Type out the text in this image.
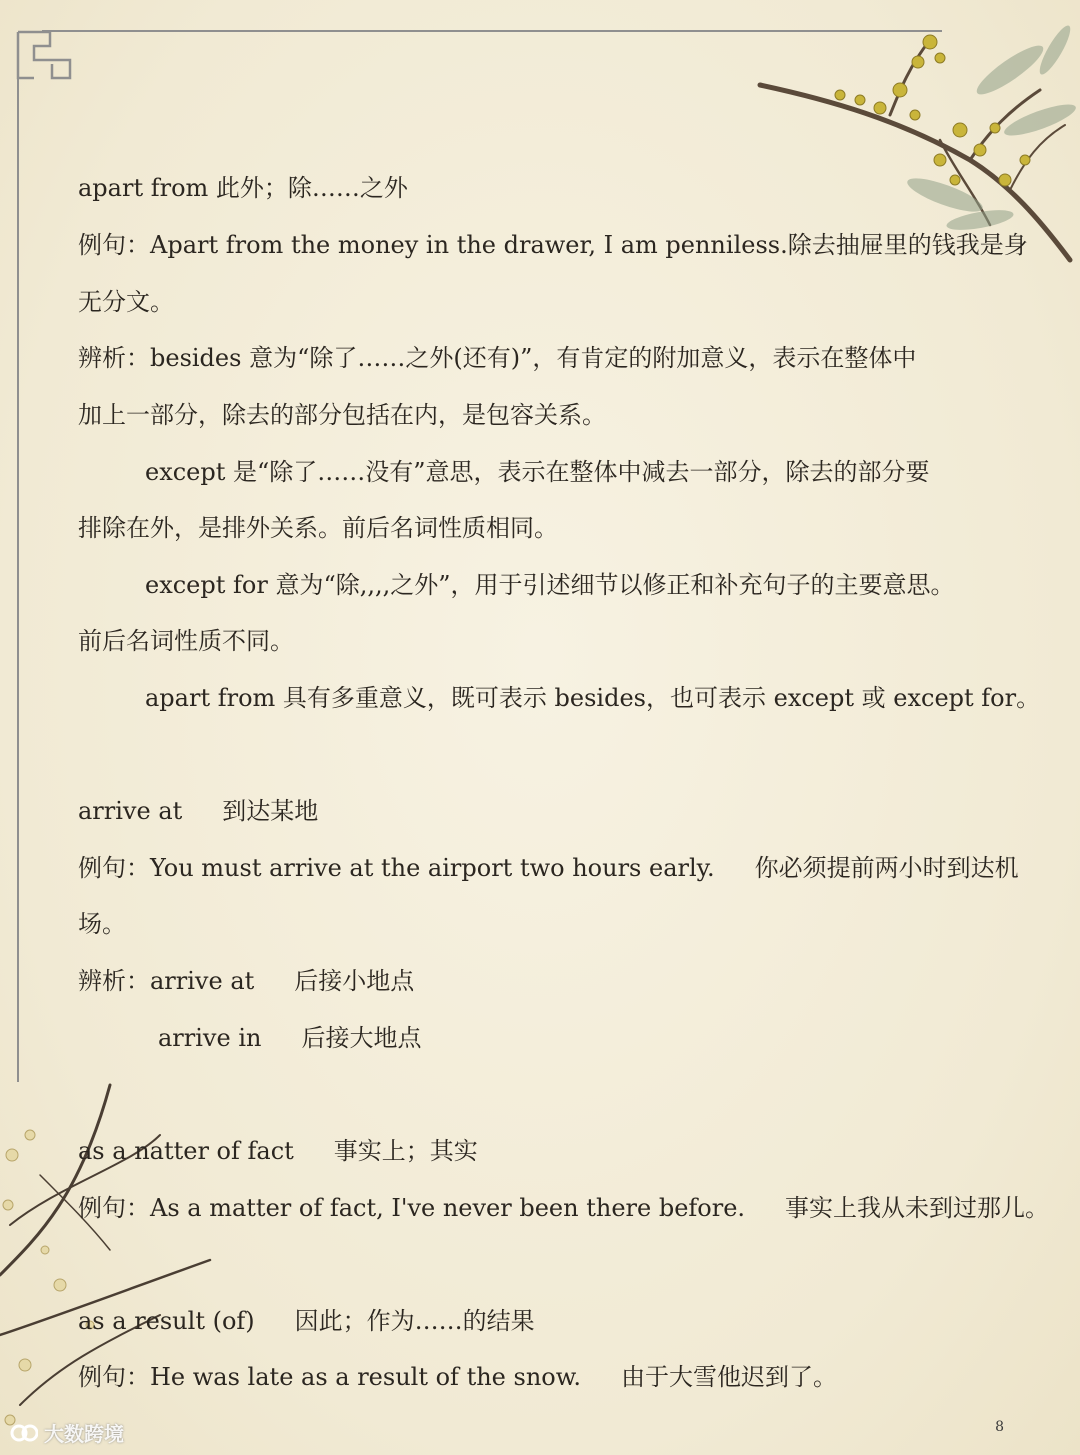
apart from 此外；除……之外
例句：Apart from the money in the drawer, I am penniless.除去抽屉里的钱我是身
无分文。
辨析：besides 意为“除了……之外(还有)”，有肯定的附加意义，表示在整体中
加上一部分，除去的部分包括在内，是包容关系。
except 是“除了……没有”意思，表示在整体中减去一部分，除去的部分要
排除在外，是排外关系。前后名词性质相同。
except for 意为“除,,,,之外”，用于引述细节以修正和补充句子的主要意思。
前后名词性质不同。
apart from 具有多重意义，既可表示 besides，也可表示 except 或 except for。
arrive at 到达某地
例句：You must arrive at the airport two hours early. 你必须提前两小时到达机
场。
辨析：arrive at 后接小地点
arrive in 后接大地点
as a natter of fact 事实上；其实
例句：As a matter of fact, I've never been there before. 事实上我从未到过那儿。
as a result (of) 因此；作为……的结果
例句：He was late as a result of the snow. 由于大雪他迟到了。
8
大数跨境
